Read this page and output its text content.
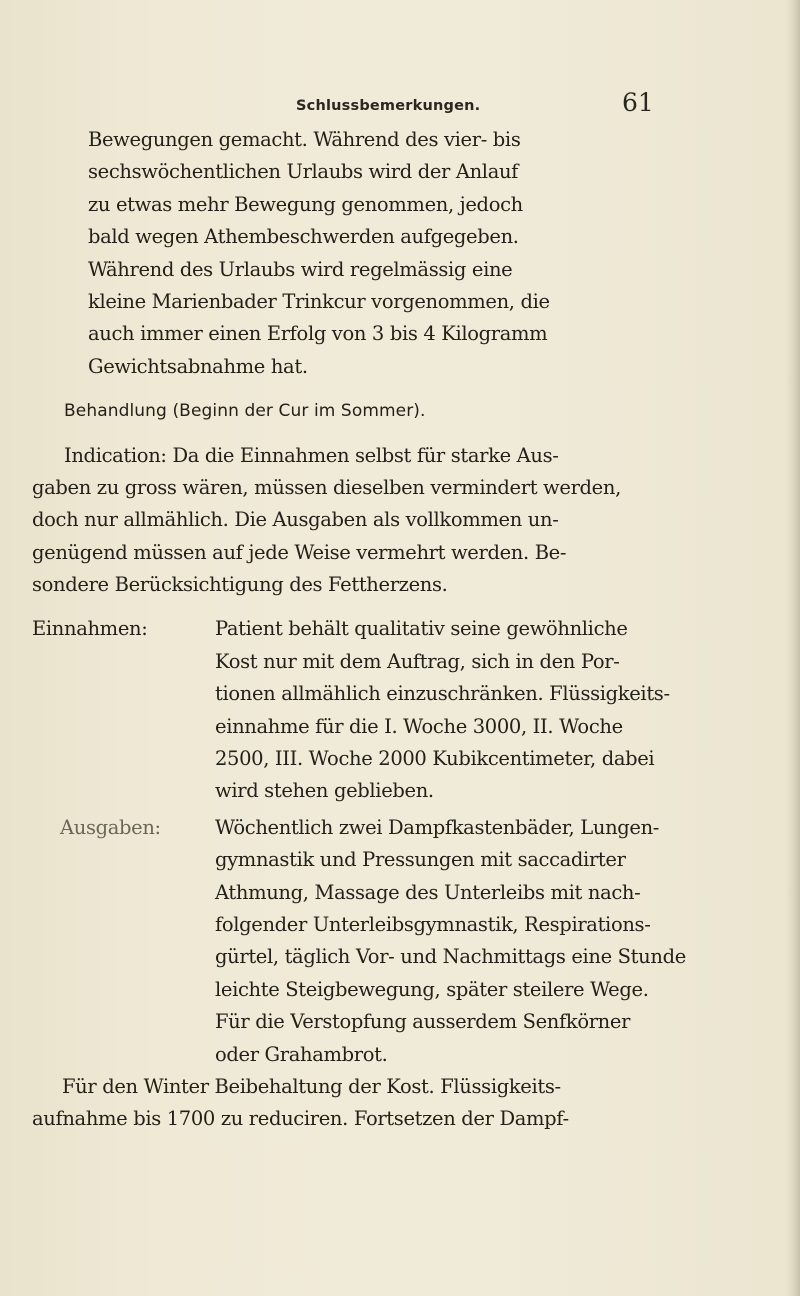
Schlussbemerkungen.	61
Bewegungen gemacht. Während des vier- bis
sechswöchentlichen Urlaubs wird der Anlauf
zu etwas mehr Bewegung genommen, jedoch
bald wegen Athembeschwerden aufgegeben.
Während des Urlaubs wird regelmässig eine
kleine Marienbader Trinkcur vorgenommen, die
auch immer einen Erfolg von 3 bis 4 Kilogramm
Gewichtsabnahme hat.
Behandlung (Beginn der Cur im Sommer).
Indication: Da die Einnahmen selbst für starke Aus-
gaben zu gross wären, müssen dieselben vermindert werden,
doch nur allmählich. Die Ausgaben als vollkommen un-
genügend müssen auf jede Weise vermehrt werden. Be-
sondere Berücksichtigung des Fettherzens.
Einnahmen:	Patient behält qualitativ seine gewöhnliche
Kost nur mit dem Auftrag, sich in den Por-
tionen allmählich einzuschränken. Flüssigkeits-
einnahme für die I. Woche 3000, II. Woche
2500, III. Woche 2000 Kubikcentimeter, dabei
wird stehen geblieben.
Ausgaben:	Wöchentlich zwei Dampfkastenbäder, Lungen-
gymnastik und Pressungen mit saccadirter
Athmung, Massage des Unterleibs mit nach-
folgender Unterleibsgymnastik, Respirations-
gürtel, täglich Vor- und Nachmittags eine Stunde
leichte Steigbewegung, später steilere Wege.
Für die Verstopfung ausserdem Senfkörner
oder Grahambrot.
Für den Winter Beibehaltung der Kost. Flüssigkeits-
aufnahme bis 1700 zu reduciren. Fortsetzen der Dampf-
